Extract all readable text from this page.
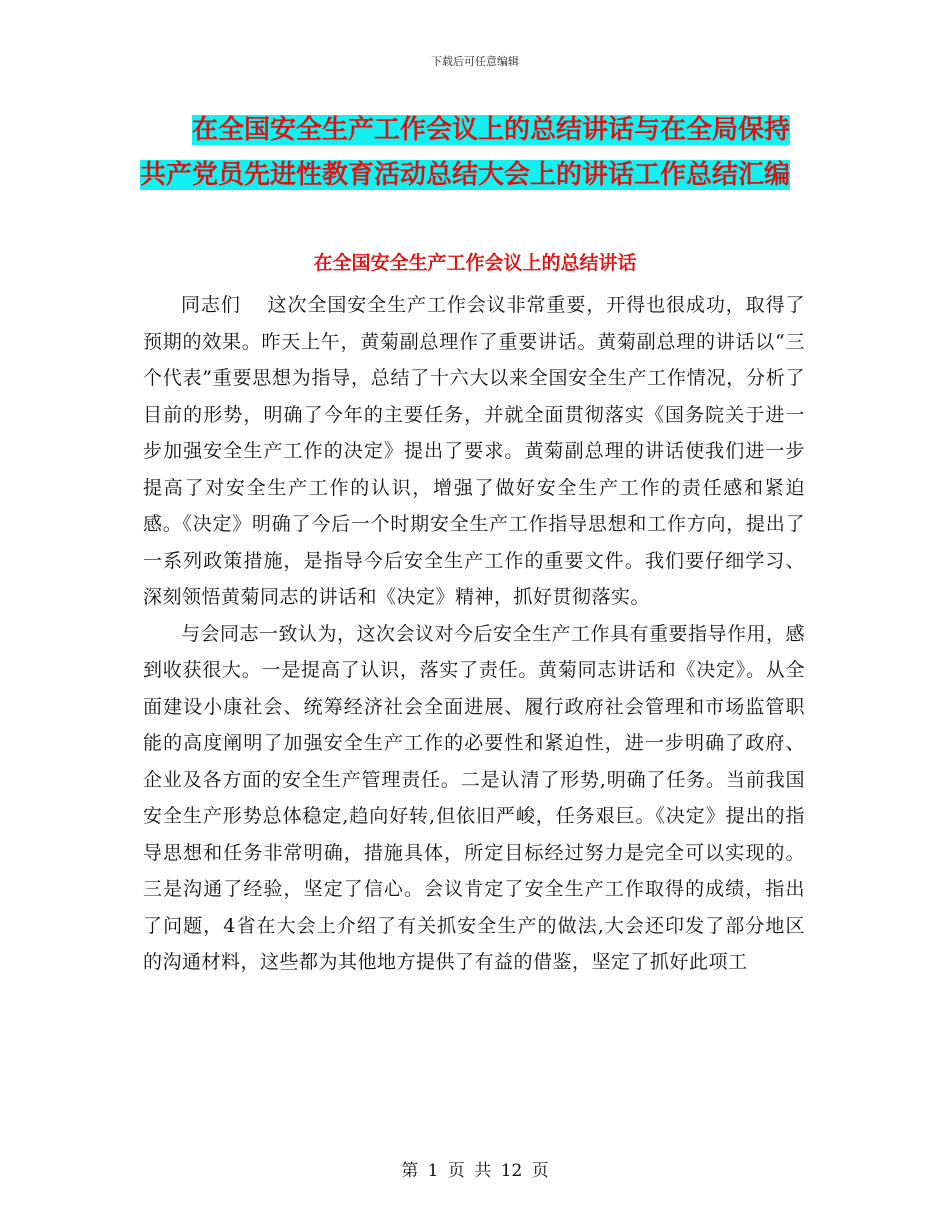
下载后可任意编辑
在全国安全生产工作会议上的总结讲话与在全局保持
共产党员先进性教育活动总结大会上的讲话工作总结汇编
在全国安全生产工作会议上的总结讲话

同志们　 这次全国安全生产工作会议非常重要，开得也很成功，取得了预期的效果。昨天上午，黄菊副总理作了重要讲话。黄菊副总理的讲话以“三个代表”重要思想为指导，总结了十六大以来全国安全生产工作情况，分析了目前的形势，明确了今年的主要任务，并就全面贯彻落实《国务院关于进一步加强安全生产工作的决定》提出了要求。黄菊副总理的讲话使我们进一步提高了对安全生产工作的认识，增强了做好安全生产工作的责任感和紧迫感。《决定》明确了今后一个时期安全生产工作指导思想和工作方向，提出了一系列政策措施，是指导今后安全生产工作的重要文件。我们要仔细学习、深刻领悟黄菊同志的讲话和《决定》精神，抓好贯彻落实。

与会同志一致认为，这次会议对今后安全生产工作具有重要指导作用，感到收获很大。一是提高了认识，落实了责任。黄菊同志讲话和《决定》。从全面建设小康社会、统筹经济社会全面进展、履行政府社会管理和市场监管职能的高度阐明了加强安全生产工作的必要性和紧迫性，进一步明确了政府、企业及各方面的安全生产管理责任。二是认清了形势,明确了任务。当前我国安全生产形势总体稳定,趋向好转,但依旧严峻，任务艰巨。《决定》提出的指导思想和任务非常明确，措施具体，所定目标经过努力是完全可以实现的。三是沟通了经验，坚定了信心。会议肯定了安全生产工作取得的成绩，指出了问题，4省在大会上介绍了有关抓安全生产的做法,大会还印发了部分地区的沟通材料，这些都为其他地方提供了有益的借鉴，坚定了抓好此项工

第 1 页 共 12 页
